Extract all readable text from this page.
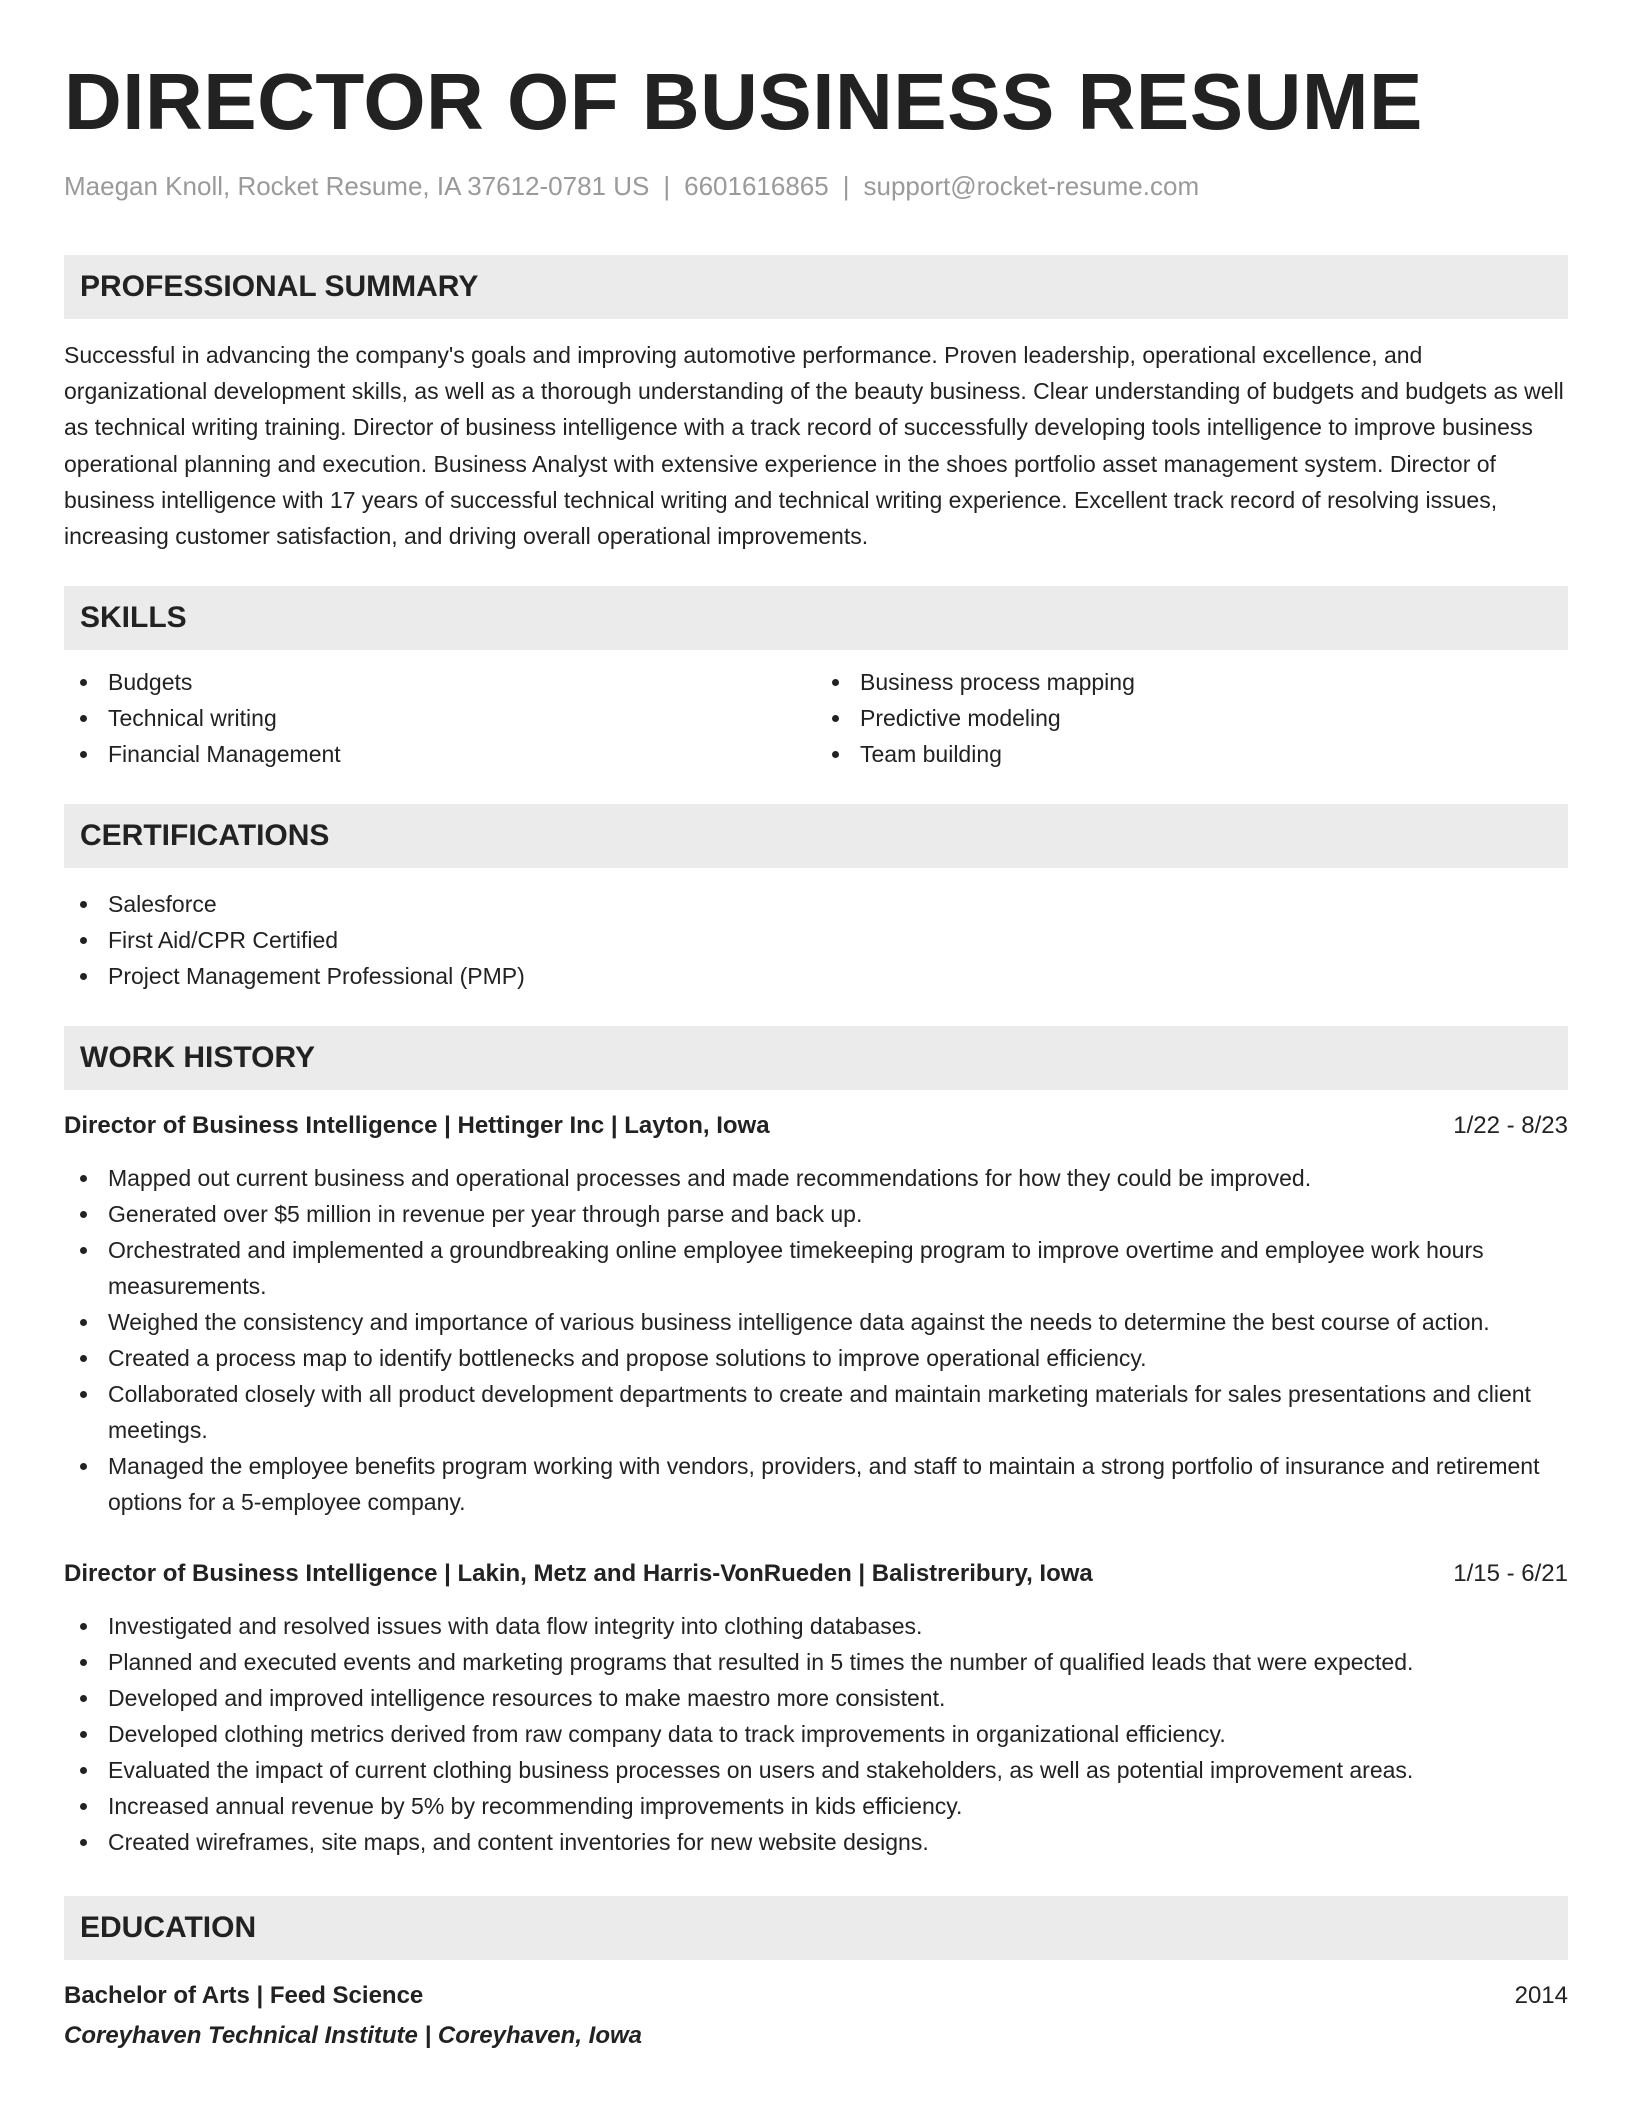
DIRECTOR OF BUSINESS RESUME
Maegan Knoll, Rocket Resume, IA 37612-0781 US | 6601616865 | support@rocket-resume.com
PROFESSIONAL SUMMARY

Successful in advancing the company's goals and improving automotive performance. Proven leadership, operational excellence, and organizational development skills, as well as a thorough understanding of the beauty business. Clear understanding of budgets and budgets as well as technical writing training. Director of business intelligence with a track record of successfully developing tools intelligence to improve business operational planning and execution. Business Analyst with extensive experience in the shoes portfolio asset management system. Director of business intelligence with 17 years of successful technical writing and technical writing experience. Excellent track record of resolving issues, increasing customer satisfaction, and driving overall operational improvements.

SKILLS
Budgets
Technical writing
Financial Management
Business process mapping
Predictive modeling
Team building
CERTIFICATIONS
Salesforce
First Aid/CPR Certified
Project Management Professional (PMP)
WORK HISTORY
Director of Business Intelligence | Hettinger Inc | Layton, Iowa	1/22 - 8/23
Mapped out current business and operational processes and made recommendations for how they could be improved.
Generated over $5 million in revenue per year through parse and back up.
Orchestrated and implemented a groundbreaking online employee timekeeping program to improve overtime and employee work hours measurements.
Weighed the consistency and importance of various business intelligence data against the needs to determine the best course of action.
Created a process map to identify bottlenecks and propose solutions to improve operational efficiency.
Collaborated closely with all product development departments to create and maintain marketing materials for sales presentations and client meetings.
Managed the employee benefits program working with vendors, providers, and staff to maintain a strong portfolio of insurance and retirement options for a 5-employee company.
Director of Business Intelligence | Lakin, Metz and Harris-VonRueden | Balistreribury, Iowa	1/15 - 6/21
Investigated and resolved issues with data flow integrity into clothing databases.
Planned and executed events and marketing programs that resulted in 5 times the number of qualified leads that were expected.
Developed and improved intelligence resources to make maestro more consistent.
Developed clothing metrics derived from raw company data to track improvements in organizational efficiency.
Evaluated the impact of current clothing business processes on users and stakeholders, as well as potential improvement areas.
Increased annual revenue by 5% by recommending improvements in kids efficiency.
Created wireframes, site maps, and content inventories for new website designs.
EDUCATION
Bachelor of Arts | Feed Science	2014
Coreyhaven Technical Institute | Coreyhaven, Iowa
